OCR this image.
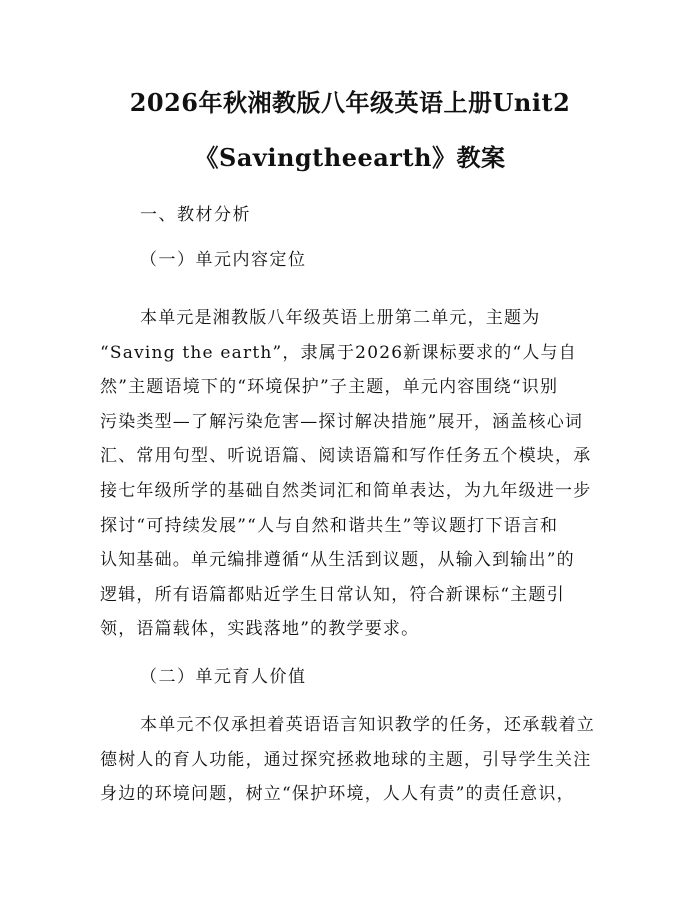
2026年秋湘教版八年级英语上册Unit2
《Savingtheearth》教案
一、教材分析
（一）单元内容定位
本单元是湘教版八年级英语上册第二单元，主题为
“Saving the earth”，隶属于2026新课标要求的“人与自
然”主题语境下的“环境保护”子主题，单元内容围绕“识别
污染类型—了解污染危害—探讨解决措施”展开，涵盖核心词
汇、常用句型、听说语篇、阅读语篇和写作任务五个模块，承
接七年级所学的基础自然类词汇和简单表达，为九年级进一步
探讨“可持续发展”“人与自然和谐共生”等议题打下语言和
认知基础。单元编排遵循“从生活到议题，从输入到输出”的
逻辑，所有语篇都贴近学生日常认知，符合新课标“主题引
领，语篇载体，实践落地”的教学要求。
（二）单元育人价值
本单元不仅承担着英语语言知识教学的任务，还承载着立
德树人的育人功能，通过探究拯救地球的主题，引导学生关注
身边的环境问题，树立“保护环境，人人有责”的责任意识，
